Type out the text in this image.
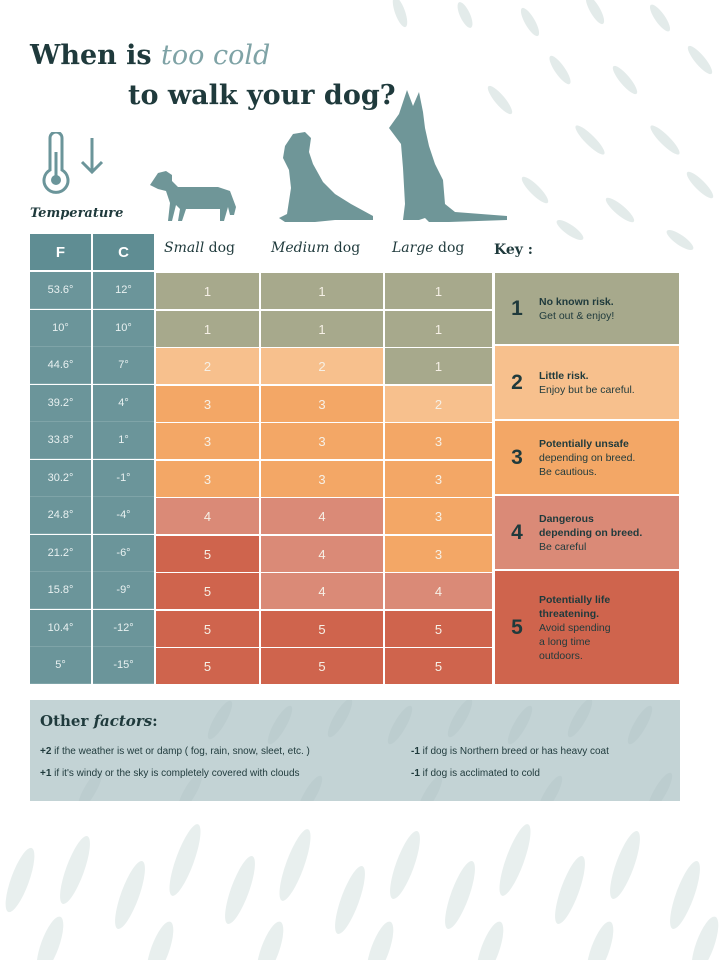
When is too cold
to walk your dog?
Temperature
F	C	Small dog	Medium dog Large dog Key :
53.6°	12°	1	1	1
10°	10°	1	1	1
44.6°	7°	2	2	1
39.2°	4°	3	3	2
33.8°	1°	3	3	3
30.2°	-1°	3	3	3
24.8°	-4°	4	4	3
21.2°	-6°	5	4	3
15.8°	-9°	5	4	4
10.4°	-12°	5	5	5
5°	-15°	5	5	5
1	No known risk.
Get out & enjoy!
2	Little risk.
Enjoy but be careful.
3
Potentially unsafe
depending on breed.
Be cautious.
4
Dangerous
depending on breed.
Be careful
5
Potentially life
threatening.
Avoid spending
a long time
outdoors.
Other factors:
+2 if the weather is wet or damp ( fog, rain, snow, sleet, etc. )
+1 if it's windy or the sky is completely covered with clouds
-1 if dog is Northern breed or has heavy coat
-1 if dog is acclimated to cold
